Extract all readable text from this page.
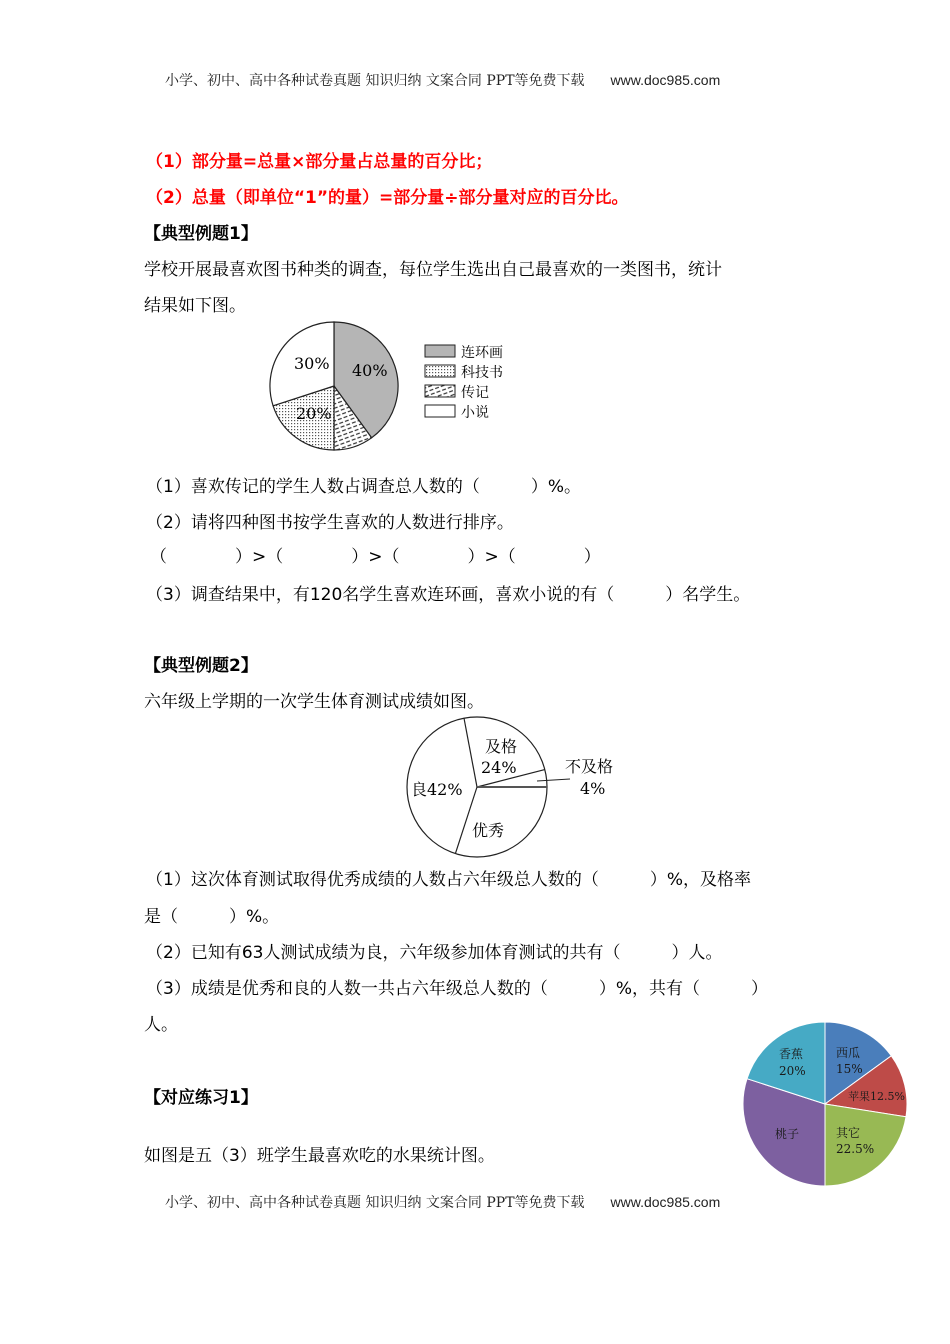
小学、初中、高中各种试卷真题 知识归纳 文案合同 PPT等免费下载 www.doc985.com
（1）部分量=总量×部分量占总量的百分比；
（2）总量（即单位“1”的量）=部分量÷部分量对应的百分比。
【典型例题1】
学校开展最喜欢图书种类的调查，每位学生选出自己最喜欢的一类图书，统计
结果如下图。
40%
30%
20%
连环画
科技书
传记
小说
（1）喜欢传记的学生人数占调查总人数的（　　　）%。
（2）请将四种图书按学生喜欢的人数进行排序。
（　　　　）>（　　　　）>（　　　　）>（　　　　）
（3）调查结果中，有120名学生喜欢连环画，喜欢小说的有（　　　）名学生。
【典型例题2】
六年级上学期的一次学生体育测试成绩如图。
及格
24%
良42%
优秀
不及格
4%
（1）这次体育测试取得优秀成绩的人数占六年级总人数的（　　　）%，及格率
是（　　　）%。
（2）已知有63人测试成绩为良，六年级参加体育测试的共有（　　　）人。
（3）成绩是优秀和良的人数一共占六年级总人数的（　　　）%，共有（　　　）
人。
【对应练习1】
如图是五（3）班学生最喜欢吃的水果统计图。
西瓜
15%
苹果12.5%
其它
22.5%
桃子
香蕉
20%
小学、初中、高中各种试卷真题 知识归纳 文案合同 PPT等免费下载 www.doc985.com
